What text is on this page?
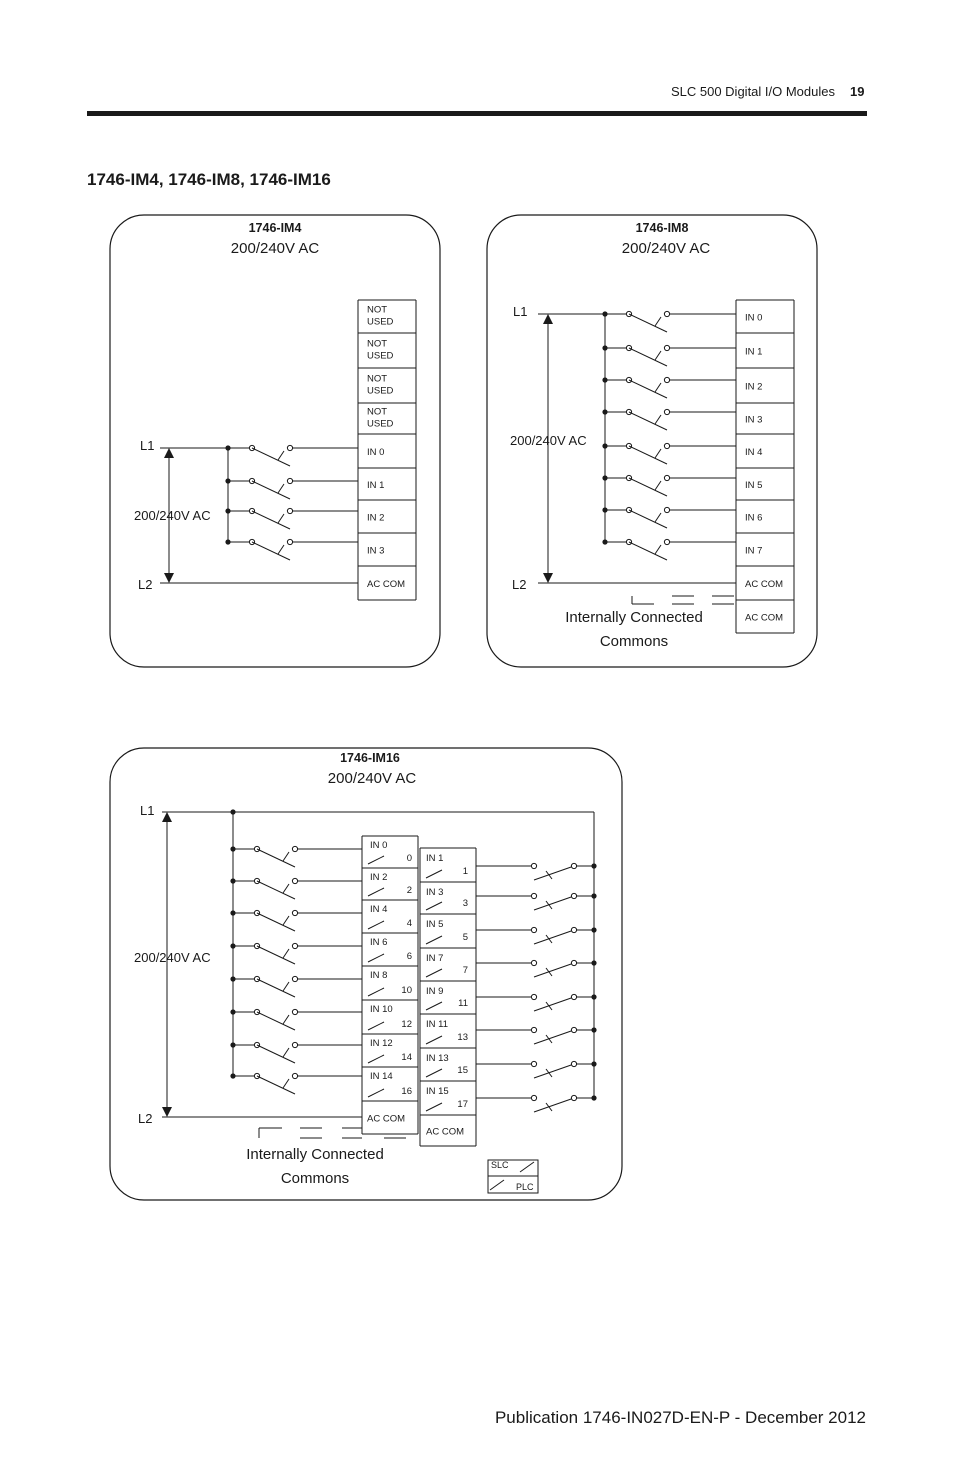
SLC 500 Digital I/O Modules 19
1746-IM4, 1746-IM8, 1746-IM16
1746-IM4
200/240V AC
NOT
USED
NOT
USED
NOT
USED
NOT
USED
IN 0
IN 1
IN 2
IN 3
AC COM
L1
L2
200/240V AC
1746-IM8
200/240V AC
IN 0
IN 1
IN 2
IN 3
IN 4
IN 5
IN 6
IN 7
AC COM
AC COM
L1
L2
200/240V AC
Internally Connected
Commons
1746-IM16
200/240V AC
IN 0
0
IN 2
2
IN 4
4
IN 6
6
IN 8
10
IN 10
12
IN 12
14
IN 14
16
AC COM
IN 1
1
IN 3
3
IN 5
5
IN 7
7
IN 9
11
IN 11
13
IN 13
15
IN 15
17
AC COM
L1
L2
200/240V AC
Internally Connected
Commons
SLC
PLC
Publication 1746-IN027D-EN-P - December 2012
